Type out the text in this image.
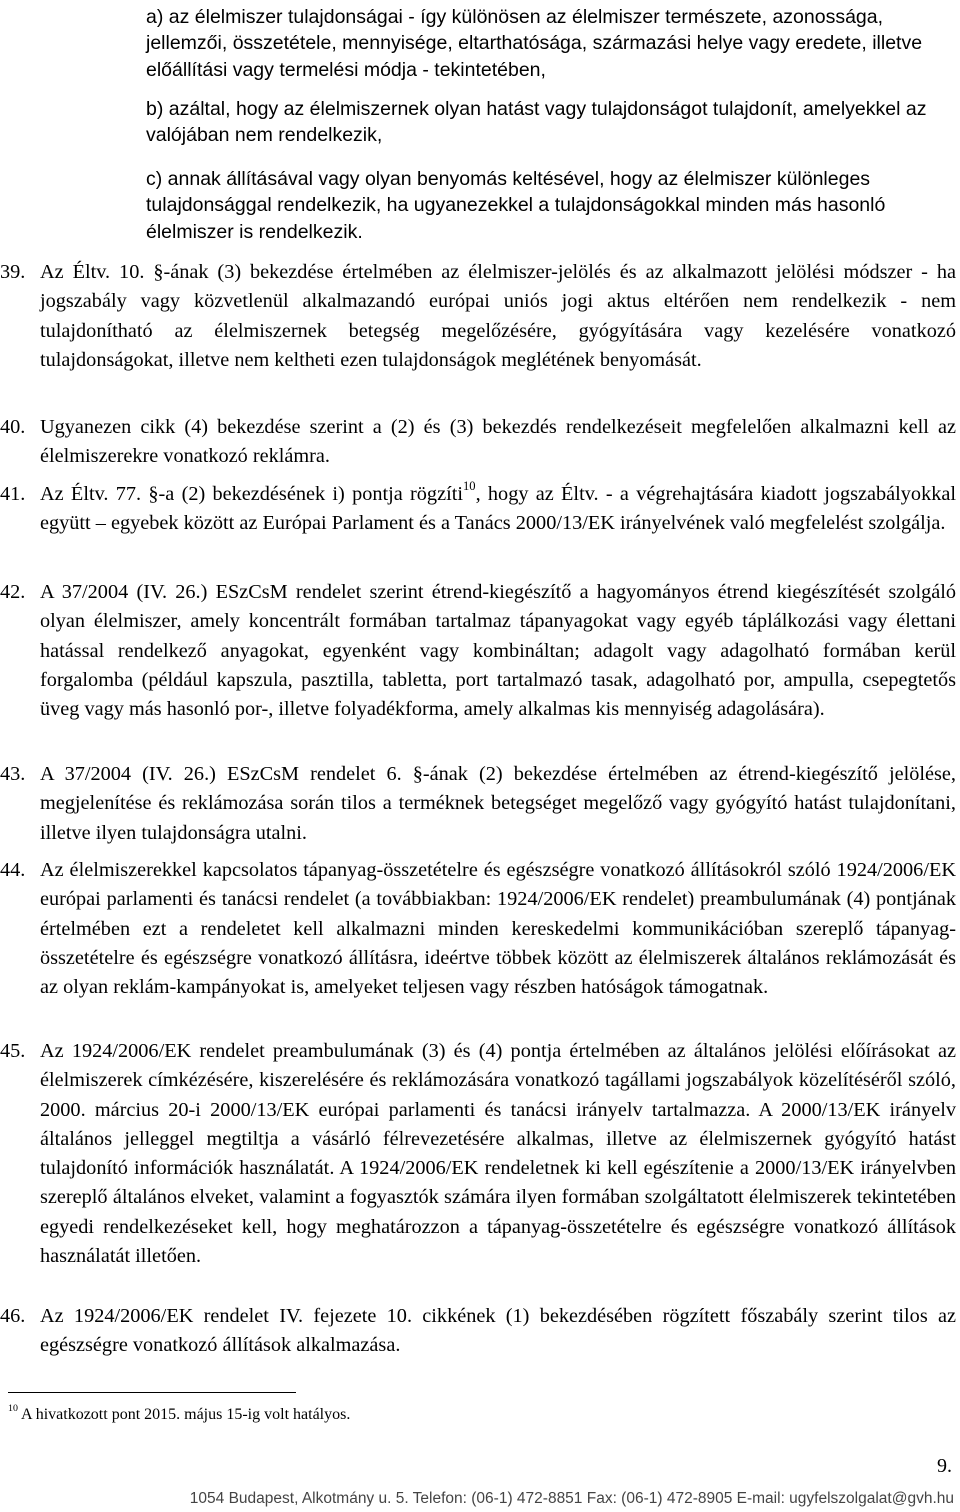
a) az élelmiszer tulajdonságai - így különösen az élelmiszer természete, azonossága, jellemzői, összetétele, mennyisége, eltarthatósága, származási helye vagy eredete, illetve előállítási vagy termelési módja - tekintetében,
b) azáltal, hogy az élelmiszernek olyan hatást vagy tulajdonságot tulajdonít, amelyekkel az valójában nem rendelkezik,
c) annak állításával vagy olyan benyomás keltésével, hogy az élelmiszer különleges tulajdonsággal rendelkezik, ha ugyanezekkel a tulajdonságokkal minden más hasonló élelmiszer is rendelkezik.
39. Az Éltv. 10. §-ának (3) bekezdése értelmében az élelmiszer-jelölés és az alkalmazott jelölési módszer - ha jogszabály vagy közvetlenül alkalmazandó európai uniós jogi aktus eltérően nem rendelkezik - nem tulajdonítható az élelmiszernek betegség megelőzésére, gyógyítására vagy kezelésére vonatkozó tulajdonságokat, illetve nem keltheti ezen tulajdonságok meglétének benyomását.
40. Ugyanezen cikk (4) bekezdése szerint a (2) és (3) bekezdés rendelkezéseit megfelelően alkalmazni kell az élelmiszerekre vonatkozó reklámra.
41. Az Éltv. 77. §-a (2) bekezdésének i) pontja rögzíti$^{10}$, hogy az Éltv. - a végrehajtására kiadott jogszabályokkal együtt – egyebek között az Európai Parlament és a Tanács 2000/13/EK irányelvének való megfelelést szolgálja.
42. A 37/2004 (IV. 26.) ESzCsM rendelet szerint étrend-kiegészítő a hagyományos étrend kiegészítését szolgáló olyan élelmiszer, amely koncentrált formában tartalmaz tápanyagokat vagy egyéb táplálkozási vagy élettani hatással rendelkező anyagokat, egyenként vagy kombináltan; adagolt vagy adagolható formában kerül forgalomba (például kapszula, pasztilla, tabletta, port tartalmazó tasak, adagolható por, ampulla, csepegtetős üveg vagy más hasonló por-, illetve folyadékforma, amely alkalmas kis mennyiség adagolására).
43. A 37/2004 (IV. 26.) ESzCsM rendelet 6. §-ának (2) bekezdése értelmében az étrend-kiegészítő jelölése, megjelenítése és reklámozása során tilos a terméknek betegséget megelőző vagy gyógyító hatást tulajdonítani, illetve ilyen tulajdonságra utalni.
44. Az élelmiszerekkel kapcsolatos tápanyag-összetételre és egészségre vonatkozó állításokról szóló 1924/2006/EK európai parlamenti és tanácsi rendelet (a továbbiakban: 1924/2006/EK rendelet) preambulumának (4) pontjának értelmében ezt a rendeletet kell alkalmazni minden kereskedelmi kommunikációban szereplő tápanyag-összetételre és egészségre vonatkozó állításra, ideértve többek között az élelmiszerek általános reklámozását és az olyan reklám-kampányokat is, amelyeket teljesen vagy részben hatóságok támogatnak.
45. Az 1924/2006/EK rendelet preambulumának (3) és (4) pontja értelmében az általános jelölési előírásokat az élelmiszerek címkézésére, kiszerelésére és reklámozására vonatkozó tagállami jogszabályok közelítéséről szóló, 2000. március 20-i 2000/13/EK európai parlamenti és tanácsi irányelv tartalmazza. A 2000/13/EK irányelv általános jelleggel megtiltja a vásárló félrevezetésére alkalmas, illetve az élelmiszernek gyógyító hatást tulajdonító információk használatát. A 1924/2006/EK rendeletnek ki kell egészítenie a 2000/13/EK irányelvben szereplő általános elveket, valamint a fogyasztók számára ilyen formában szolgáltatott élelmiszerek tekintetében egyedi rendelkezéseket kell, hogy meghatározzon a tápanyag-összetételre és egészségre vonatkozó állítások használatát illetően.
46. Az 1924/2006/EK rendelet IV. fejezete 10. cikkének (1) bekezdésében rögzített főszabály szerint tilos az egészségre vonatkozó állítások alkalmazása.
$^{10}$ A hivatkozott pont 2015. május 15-ig volt hatályos.
9.
1054 Budapest, Alkotmány u. 5. Telefon: (06-1) 472-8851 Fax: (06-1) 472-8905 E-mail: ugyfelszolgalat@gvh.hu
